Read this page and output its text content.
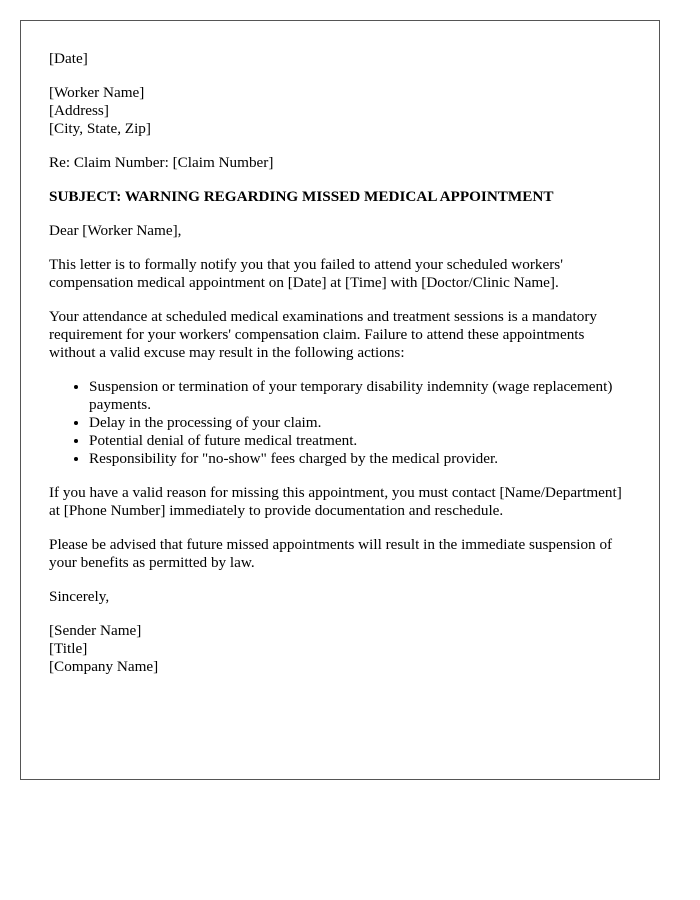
[Date]

[Worker Name]
[Address]
[City, State, Zip]

Re: Claim Number: [Claim Number]

SUBJECT: WARNING REGARDING MISSED MEDICAL APPOINTMENT

Dear [Worker Name],

This letter is to formally notify you that you failed to attend your scheduled workers' compensation medical appointment on [Date] at [Time] with [Doctor/Clinic Name].

Your attendance at scheduled medical examinations and treatment sessions is a mandatory requirement for your workers' compensation claim. Failure to attend these appointments without a valid excuse may result in the following actions:

• Suspension or termination of your temporary disability indemnity (wage replacement) payments.
• Delay in the processing of your claim.
• Potential denial of future medical treatment.
• Responsibility for "no-show" fees charged by the medical provider.

If you have a valid reason for missing this appointment, you must contact [Name/Department] at [Phone Number] immediately to provide documentation and reschedule.

Please be advised that future missed appointments will result in the immediate suspension of your benefits as permitted by law.

Sincerely,

[Sender Name]
[Title]
[Company Name]
